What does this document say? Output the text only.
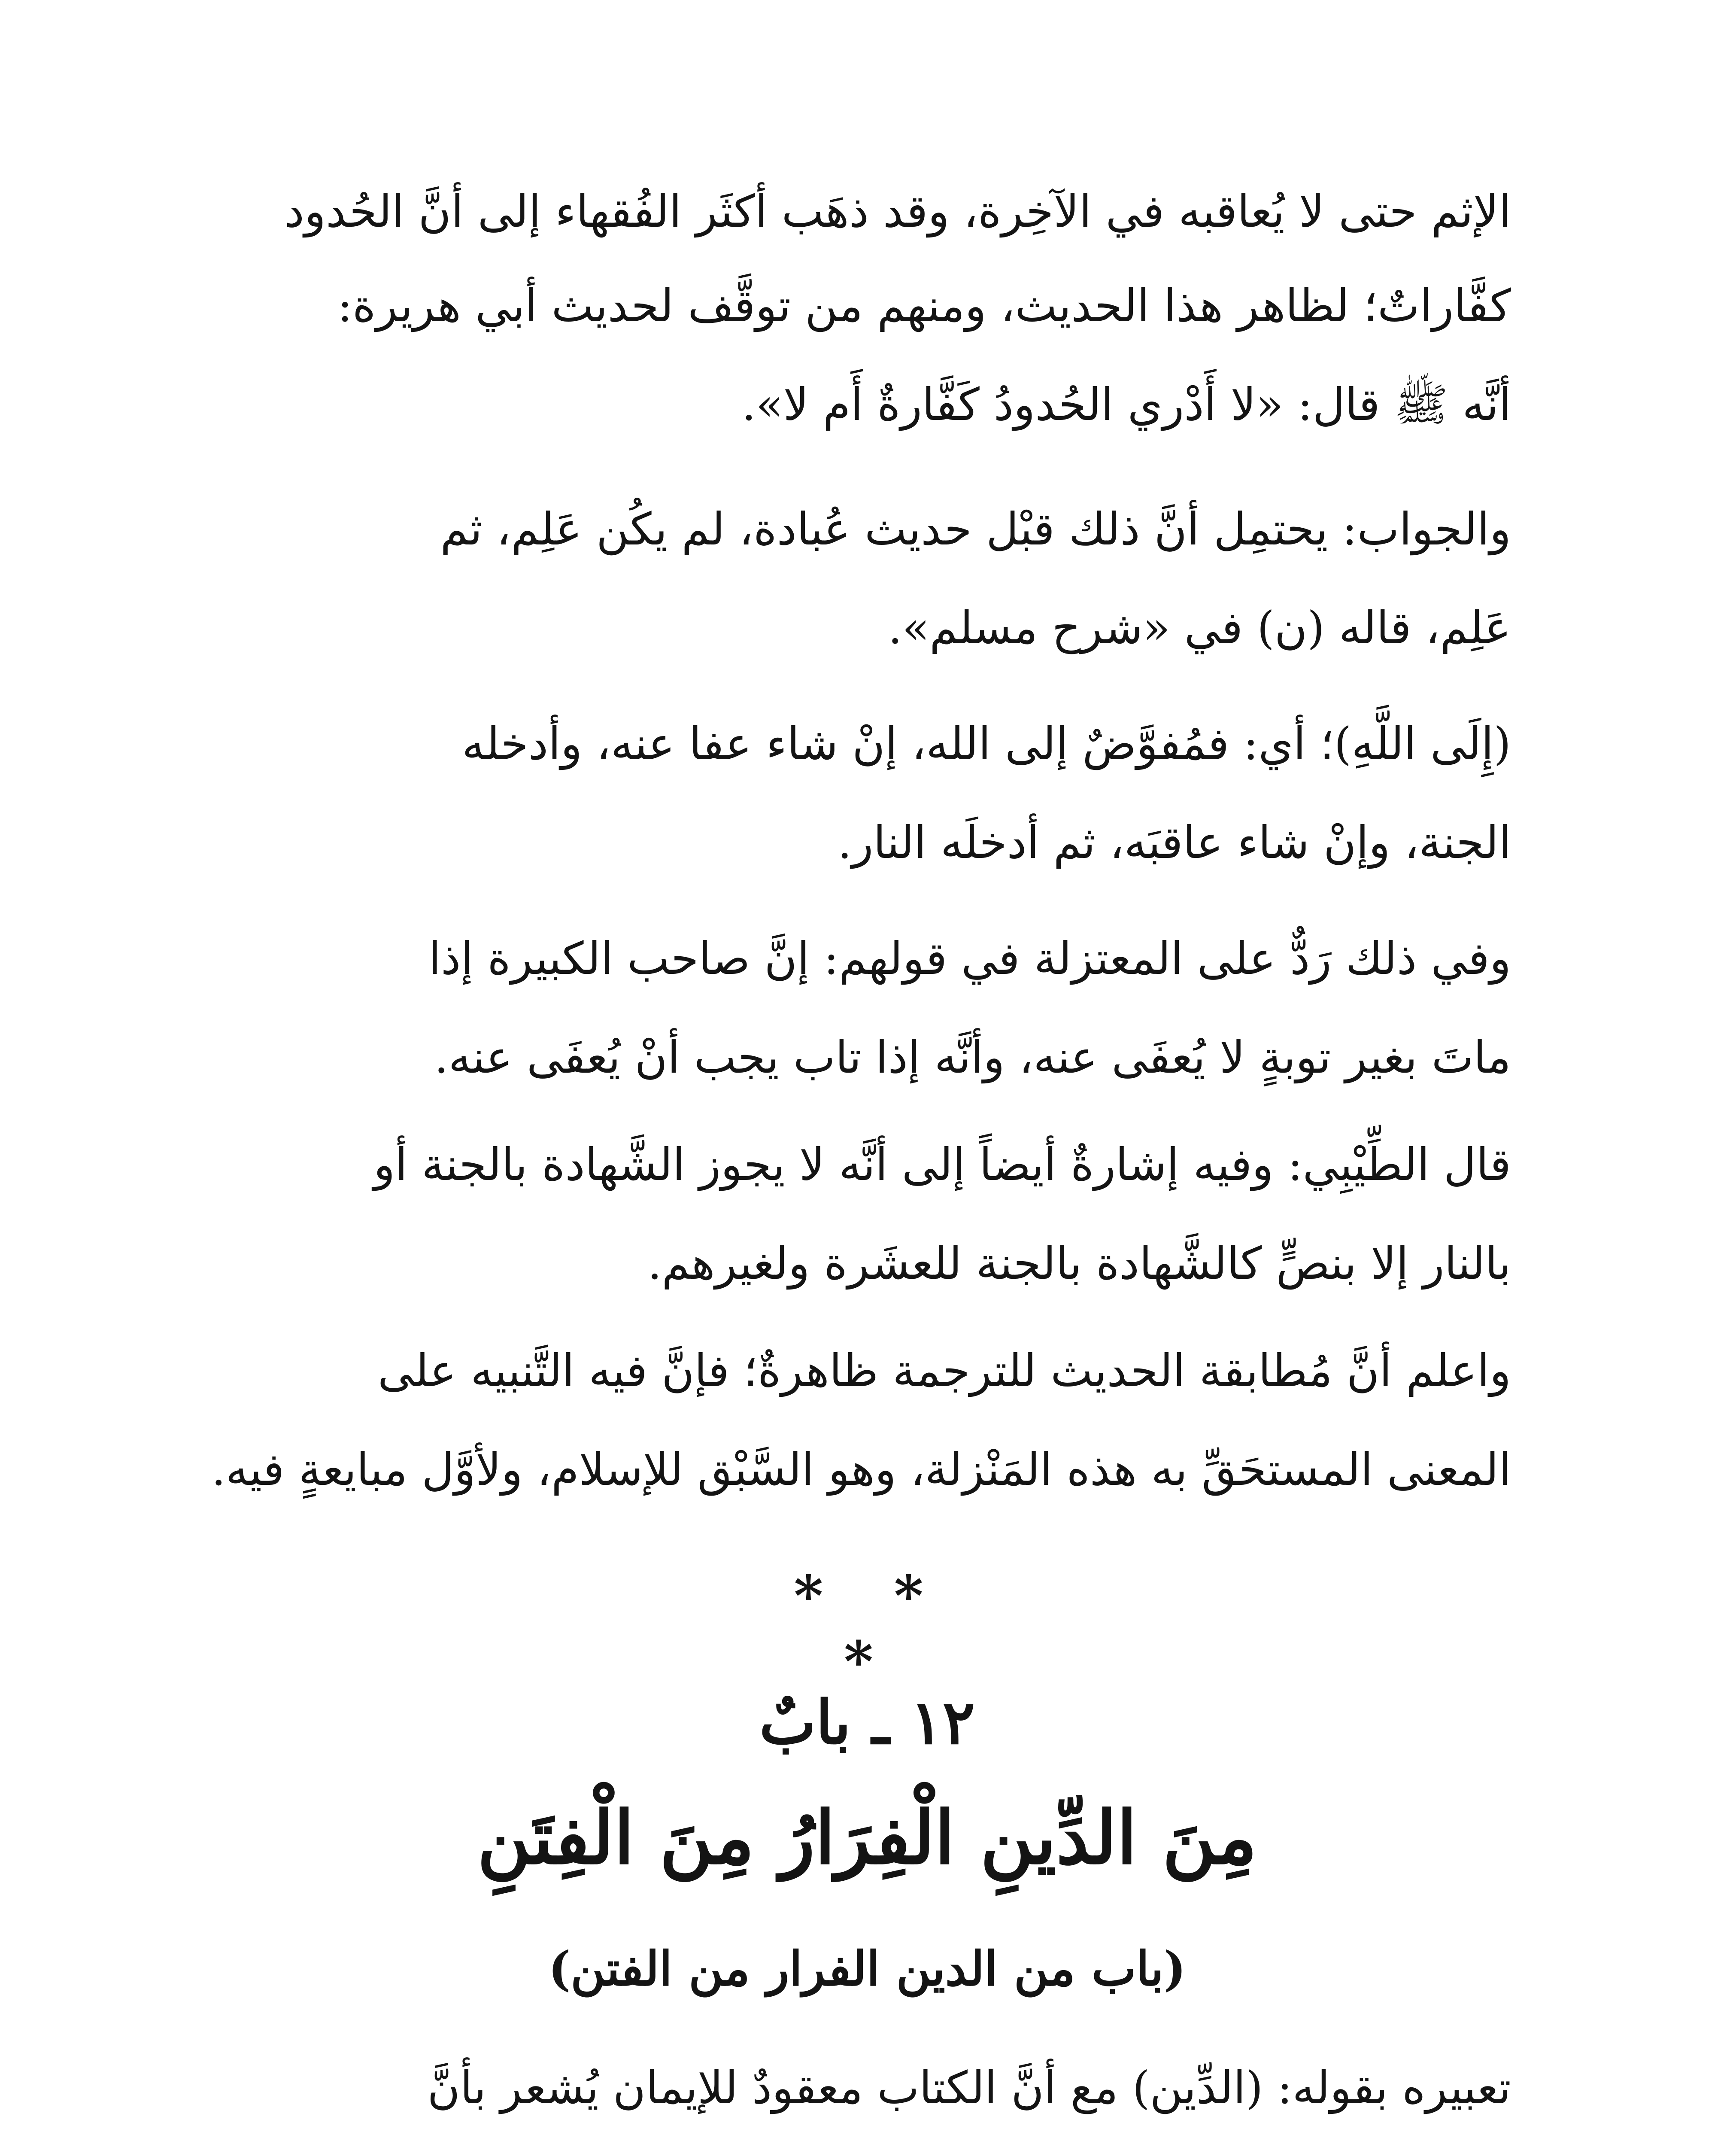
الإثم حتى لا يُعاقبه في الآخِرة، وقد ذهَب أكثَر الفُقهاء إلى أنَّ الحُدود
كفَّاراتٌ؛ لظاهر هذا الحديث، ومنهم من توقَّف لحديث أبي هريرة:
أنَّه ﷺ قال: «لا أَدْري الحُدودُ كَفَّارةٌ أَم لا».
والجواب: يحتمِل أنَّ ذلك قبْل حديث عُبادة، لم يكُن عَلِم، ثم
عَلِم، قاله (ن) في «شرح مسلم».
(إِلَى اللَّهِ)؛ أي: فمُفوَّضٌ إلى الله، إنْ شاء عفا عنه، وأدخله
الجنة، وإنْ شاء عاقبَه، ثم أدخلَه النار.
وفي ذلك رَدٌّ على المعتزلة في قولهم: إنَّ صاحب الكبيرة إذا
ماتَ بغير توبةٍ لا يُعفَى عنه، وأنَّه إذا تاب يجب أنْ يُعفَى عنه.
قال الطِّيْبِي: وفيه إشارةٌ أيضاً إلى أنَّه لا يجوز الشَّهادة بالجنة أو
بالنار إلا بنصٍّ كالشَّهادة بالجنة للعشَرة ولغيرهم.
واعلم أنَّ مُطابقة الحديث للترجمة ظاهرةٌ؛ فإنَّ فيه التَّنبيه على
المعنى المستحَقِّ به هذه المَنْزلة، وهو السَّبْق للإسلام، ولأوَّل مبايعةٍ فيه.
* * *
١٢ ـ بابٌ
مِنَ الدِّينِ الْفِرَارُ مِنَ الْفِتَنِ
(باب من الدين الفرار من الفتن)
تعبيره بقوله: (الدِّين) مع أنَّ الكتاب معقودٌ للإيمان يُشعر بأنَّ
